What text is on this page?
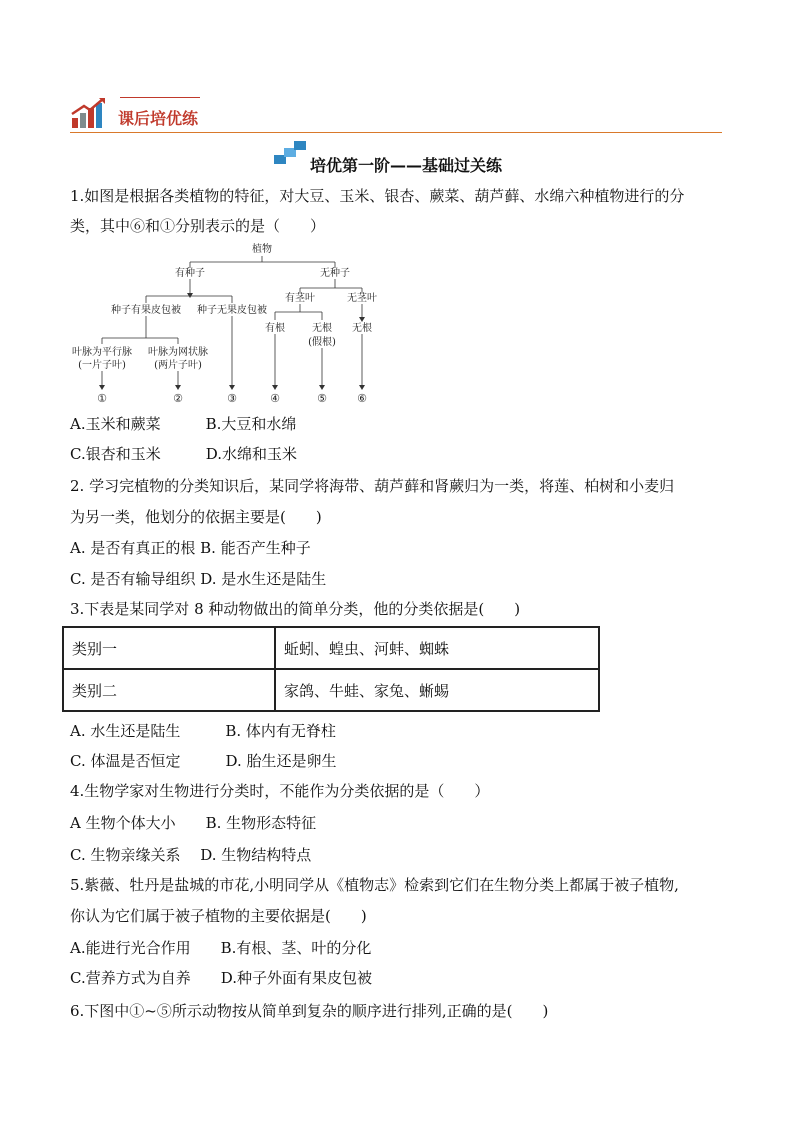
课后培优练
培优第一阶——基础过关练
1.如图是根据各类植物的特征，对大豆、玉米、银杏、蕨菜、葫芦藓、水绵六种植物进行的分
类，其中⑥和①分别表示的是（　　）
植物
有种子	无种子
种子有果皮包被 种子无果皮包被
有茎叶	无茎叶
叶脉为平行脉
(一片子叶)
叶脉为网状脉
(两片子叶)
有根	无根
(假根)
无根
①	②	③	④	⑤	⑥
A.玉米和蕨菜　　　B.大豆和水绵
C.银杏和玉米　　　D.水绵和玉米
2. 学习完植物的分类知识后，某同学将海带、葫芦藓和肾蕨归为一类，将莲、柏树和小麦归
为另一类，他划分的依据主要是(　　)
A. 是否有真正的根 B. 能否产生种子
C. 是否有输导组织 D. 是水生还是陆生
3.下表是某同学对 8 种动物做出的简单分类，他的分类依据是(　　)
类别一	蚯蚓、蝗虫、河蚌、蜘蛛
类别二	家鸽、牛蛙、家兔、蜥蜴
A. 水生还是陆生　　　B. 体内有无脊柱
C. 体温是否恒定　　　D. 胎生还是卵生
4.生物学家对生物进行分类时，不能作为分类依据的是（　　）
A 生物个体大小　　B. 生物形态特征
C. 生物亲缘关系　 D. 生物结构特点
5.紫薇、牡丹是盐城的市花,小明同学从《植物志》检索到它们在生物分类上都属于被子植物,
你认为它们属于被子植物的主要依据是(　　)
A.能进行光合作用　　B.有根、茎、叶的分化
C.营养方式为自养　　D.种子外面有果皮包被
6.下图中①~⑤所示动物按从简单到复杂的顺序进行排列,正确的是(　　)
